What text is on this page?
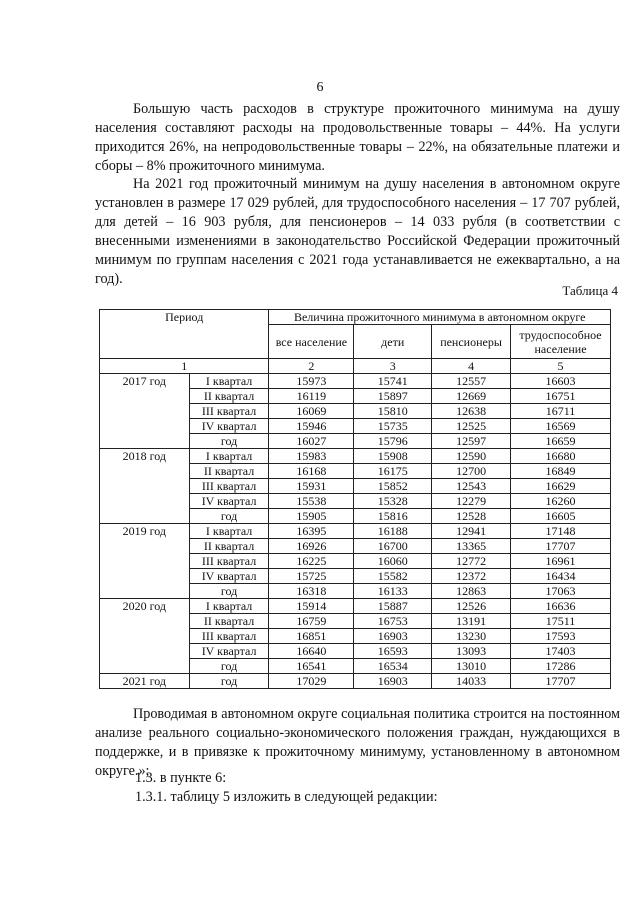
6

Большую часть расходов в структуре прожиточного минимума на душу населения составляют расходы на продовольственные товары – 44%. На услуги приходится 26%, на непродовольственные товары – 22%, на обязательные платежи и сборы – 8% прожиточного минимума.

На 2021 год прожиточный минимум на душу населения в автономном округе установлен в размере 17 029 рублей, для трудоспособного населения – 17 707 рублей, для детей – 16 903 рубля, для пенсионеров – 14 033 рубля (в соответствии с внесенными изменениями в законодательство Российской Федерации прожиточный минимум по группам населения с 2021 года устанавливается не ежеквартально, а на год).

Таблица 4
Период		Величина прожиточного минимума в автономном округе			
		все население	дети	пенсионеры	трудоспособное население
1		2	3	4	5
2017 год	I квартал	15973	15741	12557	16603
	II квартал	16119	15897	12669	16751
	III квартал	16069	15810	12638	16711
	IV квартал	15946	15735	12525	16569
	год	16027	15796	12597	16659
2018 год	I квартал	15983	15908	12590	16680
	II квартал	16168	16175	12700	16849
	III квартал	15931	15852	12543	16629
	IV квартал	15538	15328	12279	16260
	год	15905	15816	12528	16605
2019 год	I квартал	16395	16188	12941	17148
	II квартал	16926	16700	13365	17707
	III квартал	16225	16060	12772	16961
	IV квартал	15725	15582	12372	16434
	год	16318	16133	12863	17063
2020 год	I квартал	15914	15887	12526	16636
	II квартал	16759	16753	13191	17511
	III квартал	16851	16903	13230	17593
	IV квартал	16640	16593	13093	17403
	год	16541	16534	13010	17286
2021 год	год	17029	16903	14033	17707

Проводимая в автономном округе социальная политика строится на постоянном анализе реального социально-экономического положения граждан, нуждающихся в поддержке, и в привязке к прожиточному минимуму, установленному в автономном округе.»;

1.3. в пункте 6:
1.3.1. таблицу 5 изложить в следующей редакции:
